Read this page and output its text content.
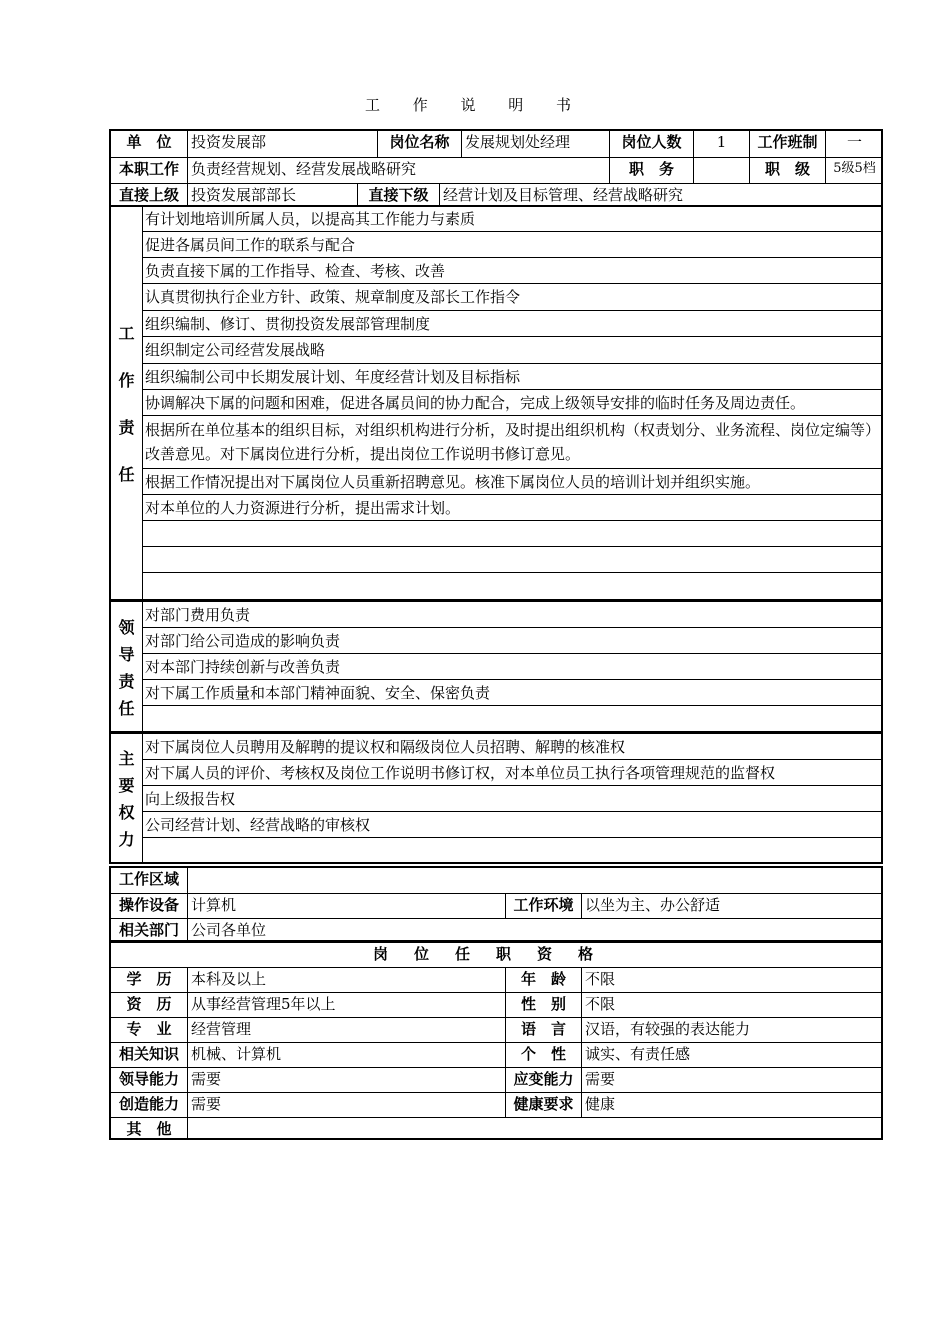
工 作 说 明 书
单　位	投资发展部	岗位名称	发展规划处经理	岗位人数	1	工作班制	一
本职工作 负责经营规划、经营发展战略研究	职　务	职　级	5级5档
直接上级 投资发展部部长	直接下级 经营计划及目标管理、经营战略研究
工
作
责
任
有计划地培训所属人员，以提高其工作能力与素质
促进各属员间工作的联系与配合
负责直接下属的工作指导、检查、考核、改善
认真贯彻执行企业方针、政策、规章制度及部长工作指令
组织编制、修订、贯彻投资发展部管理制度
组织制定公司经营发展战略
组织编制公司中长期发展计划、年度经营计划及目标指标
协调解决下属的问题和困难，促进各属员间的协力配合，完成上级领导安排的临时任务及周边责任。
根据所在单位基本的组织目标，对组织机构进行分析，及时提出组织机构（权责划分、业务流程、岗位定编等）改善意见。对下属岗位进行分析，提出岗位工作说明书修订意见。
根据工作情况提出对下属岗位人员重新招聘意见。核准下属岗位人员的培训计划并组织实施。
对本单位的人力资源进行分析，提出需求计划。
领
导
责
任
对部门费用负责
对部门给公司造成的影响负责
对本部门持续创新与改善负责
对下属工作质量和本部门精神面貌、安全、保密负责
主
要
权
力
对下属岗位人员聘用及解聘的提议权和隔级岗位人员招聘、解聘的核准权
对下属人员的评价、考核权及岗位工作说明书修订权，对本单位员工执行各项管理规范的监督权
向上级报告权
公司经营计划、经营战略的审核权
工作区域
操作设备 计算机	工作环境 以坐为主、办公舒适
相关部门 公司各单位
岗位任职资格
学　历	本科及以上	年　龄	不限
资　历	从事经营管理5年以上	性　别	不限
专　业	经营管理	语　言	汉语，有较强的表达能力
相关知识 机械、计算机	个　性	诚实、有责任感
领导能力 需要	应变能力 需要
创造能力 需要	健康要求 健康
其　他
